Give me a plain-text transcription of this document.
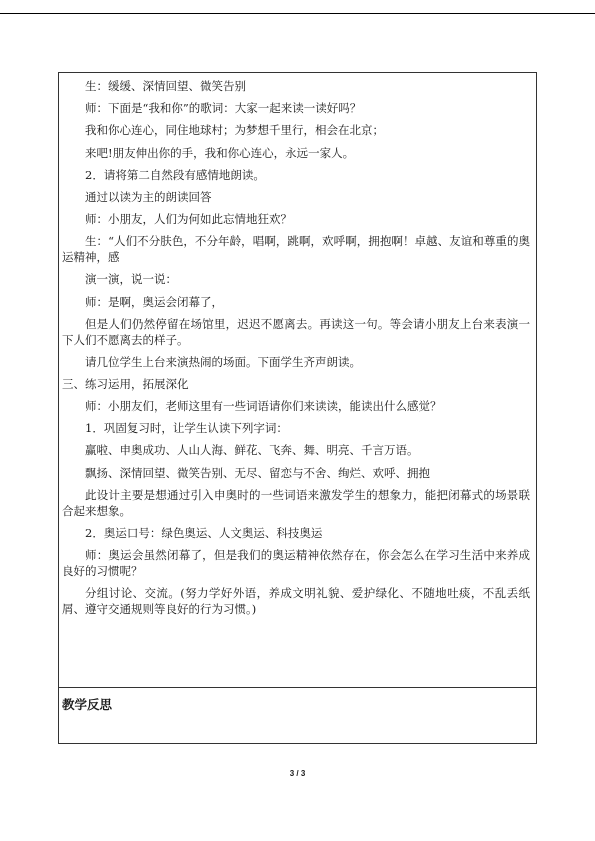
生：缓缓、深情回望、微笑告别

师：下面是“我和你”的歌词：大家一起来读一读好吗？

我和你心连心，同住地球村；为梦想千里行，相会在北京；

来吧!朋友伸出你的手，我和你心连心，永远一家人。

2．请将第二自然段有感情地朗读。

通过以读为主的朗读回答

师：小朋友，人们为何如此忘情地狂欢？

生：“人们不分肤色，不分年龄，唱啊，跳啊，欢呼啊，拥抱啊！卓越、友谊和尊重的奥运精神，感

演一演，说一说：

师：是啊，奥运会闭幕了，

但是人们仍然停留在场馆里，迟迟不愿离去。再读这一句。等会请小朋友上台来表演一下人们不愿离去的样子。

请几位学生上台来演热闹的场面。下面学生齐声朗读。

三、练习运用，拓展深化

师：小朋友们，老师这里有一些词语请你们来读读，能读出什么感觉？

1．巩固复习时，让学生认读下列字词：

赢啦、申奥成功、人山人海、鲜花、飞奔、舞、明亮、千言万语。

飘扬、深情回望、微笑告别、无尽、留恋与不舍、绚烂、欢呼、拥抱

此设计主要是想通过引入申奥时的一些词语来激发学生的想象力，能把闭幕式的场景联合起来想象。

2．奥运口号：绿色奥运、人文奥运、科技奥运

师：奥运会虽然闭幕了，但是我们的奥运精神依然存在，你会怎么在学习生活中来养成良好的习惯呢？

分组讨论、交流。(努力学好外语，养成文明礼貌、爱护绿化、不随地吐痰，不乱丢纸屑、遵守交通规则等良好的行为习惯。)

教学反思
3 / 3
